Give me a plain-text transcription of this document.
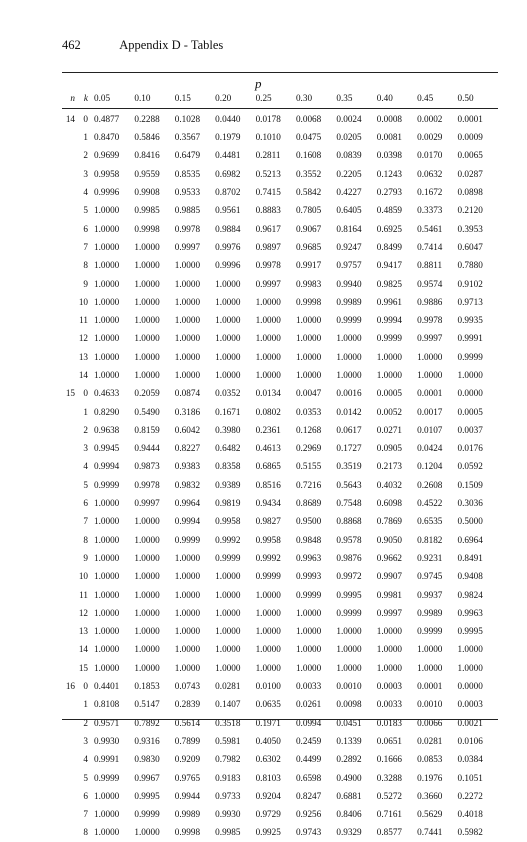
462	Appendix D - Tables
p
n	k		0.05	0.10	0.15	0.20	0.25	0.30	0.35	0.40	0.45	0.50
14	0		0.4877	0.2288	0.1028	0.0440	0.0178	0.0068	0.0024	0.0008	0.0002	0.0001
	1		0.8470	0.5846	0.3567	0.1979	0.1010	0.0475	0.0205	0.0081	0.0029	0.0009
	2		0.9699	0.8416	0.6479	0.4481	0.2811	0.1608	0.0839	0.0398	0.0170	0.0065
	3		0.9958	0.9559	0.8535	0.6982	0.5213	0.3552	0.2205	0.1243	0.0632	0.0287
	4		0.9996	0.9908	0.9533	0.8702	0.7415	0.5842	0.4227	0.2793	0.1672	0.0898
	5		1.0000	0.9985	0.9885	0.9561	0.8883	0.7805	0.6405	0.4859	0.3373	0.2120
	6		1.0000	0.9998	0.9978	0.9884	0.9617	0.9067	0.8164	0.6925	0.5461	0.3953
	7		1.0000	1.0000	0.9997	0.9976	0.9897	0.9685	0.9247	0.8499	0.7414	0.6047
	8		1.0000	1.0000	1.0000	0.9996	0.9978	0.9917	0.9757	0.9417	0.8811	0.7880
	9		1.0000	1.0000	1.0000	1.0000	0.9997	0.9983	0.9940	0.9825	0.9574	0.9102
	10		1.0000	1.0000	1.0000	1.0000	1.0000	0.9998	0.9989	0.9961	0.9886	0.9713
	11		1.0000	1.0000	1.0000	1.0000	1.0000	1.0000	0.9999	0.9994	0.9978	0.9935
	12		1.0000	1.0000	1.0000	1.0000	1.0000	1.0000	1.0000	0.9999	0.9997	0.9991
	13		1.0000	1.0000	1.0000	1.0000	1.0000	1.0000	1.0000	1.0000	1.0000	0.9999
	14		1.0000	1.0000	1.0000	1.0000	1.0000	1.0000	1.0000	1.0000	1.0000	1.0000
15	0		0.4633	0.2059	0.0874	0.0352	0.0134	0.0047	0.0016	0.0005	0.0001	0.0000
	1		0.8290	0.5490	0.3186	0.1671	0.0802	0.0353	0.0142	0.0052	0.0017	0.0005
	2		0.9638	0.8159	0.6042	0.3980	0.2361	0.1268	0.0617	0.0271	0.0107	0.0037
	3		0.9945	0.9444	0.8227	0.6482	0.4613	0.2969	0.1727	0.0905	0.0424	0.0176
	4		0.9994	0.9873	0.9383	0.8358	0.6865	0.5155	0.3519	0.2173	0.1204	0.0592
	5		0.9999	0.9978	0.9832	0.9389	0.8516	0.7216	0.5643	0.4032	0.2608	0.1509
	6		1.0000	0.9997	0.9964	0.9819	0.9434	0.8689	0.7548	0.6098	0.4522	0.3036
	7		1.0000	1.0000	0.9994	0.9958	0.9827	0.9500	0.8868	0.7869	0.6535	0.5000
	8		1.0000	1.0000	0.9999	0.9992	0.9958	0.9848	0.9578	0.9050	0.8182	0.6964
	9		1.0000	1.0000	1.0000	0.9999	0.9992	0.9963	0.9876	0.9662	0.9231	0.8491
	10		1.0000	1.0000	1.0000	1.0000	0.9999	0.9993	0.9972	0.9907	0.9745	0.9408
	11		1.0000	1.0000	1.0000	1.0000	1.0000	0.9999	0.9995	0.9981	0.9937	0.9824
	12		1.0000	1.0000	1.0000	1.0000	1.0000	1.0000	0.9999	0.9997	0.9989	0.9963
	13		1.0000	1.0000	1.0000	1.0000	1.0000	1.0000	1.0000	1.0000	0.9999	0.9995
	14		1.0000	1.0000	1.0000	1.0000	1.0000	1.0000	1.0000	1.0000	1.0000	1.0000
	15		1.0000	1.0000	1.0000	1.0000	1.0000	1.0000	1.0000	1.0000	1.0000	1.0000
16	0		0.4401	0.1853	0.0743	0.0281	0.0100	0.0033	0.0010	0.0003	0.0001	0.0000
	1		0.8108	0.5147	0.2839	0.1407	0.0635	0.0261	0.0098	0.0033	0.0010	0.0003
	2		0.9571	0.7892	0.5614	0.3518	0.1971	0.0994	0.0451	0.0183	0.0066	0.0021
	3		0.9930	0.9316	0.7899	0.5981	0.4050	0.2459	0.1339	0.0651	0.0281	0.0106
	4		0.9991	0.9830	0.9209	0.7982	0.6302	0.4499	0.2892	0.1666	0.0853	0.0384
	5		0.9999	0.9967	0.9765	0.9183	0.8103	0.6598	0.4900	0.3288	0.1976	0.1051
	6		1.0000	0.9995	0.9944	0.9733	0.9204	0.8247	0.6881	0.5272	0.3660	0.2272
	7		1.0000	0.9999	0.9989	0.9930	0.9729	0.9256	0.8406	0.7161	0.5629	0.4018
	8		1.0000	1.0000	0.9998	0.9985	0.9925	0.9743	0.9329	0.8577	0.7441	0.5982
